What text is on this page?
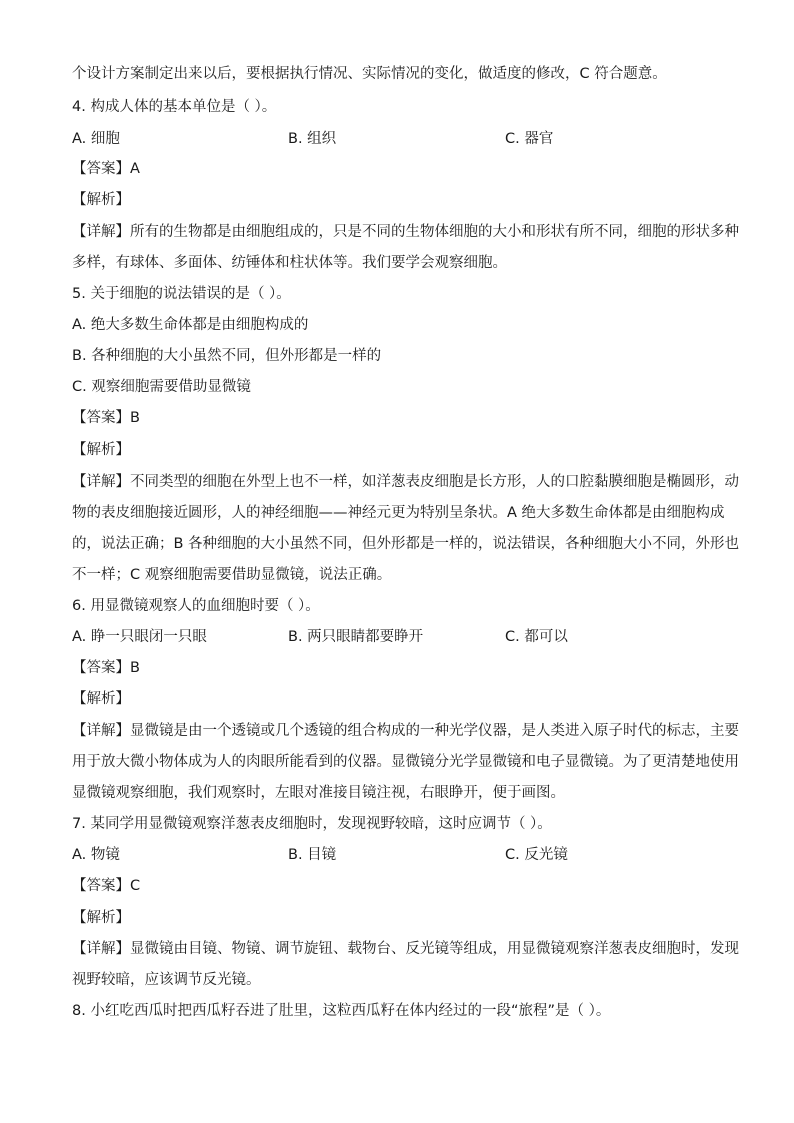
个设计方案制定出来以后，要根据执行情况、实际情况的变化，做适度的修改，C 符合题意。
4. 构成人体的基本单位是（ ）。
A. 细胞	B. 组织	C. 器官
【答案】A
【解析】
【详解】所有的生物都是由细胞组成的，只是不同的生物体细胞的大小和形状有所不同，细胞的形状多种
多样，有球体、多面体、纺锤体和柱状体等。我们要学会观察细胞。
5. 关于细胞的说法错误的是（ ）。
A. 绝大多数生命体都是由细胞构成的
B. 各种细胞的大小虽然不同，但外形都是一样的
C. 观察细胞需要借助显微镜
【答案】B
【解析】
【详解】不同类型的细胞在外型上也不一样，如洋葱表皮细胞是长方形，人的口腔黏膜细胞是椭圆形，动
物的表皮细胞接近圆形，人的神经细胞——神经元更为特别呈条状。A 绝大多数生命体都是由细胞构成
的，说法正确；B 各种细胞的大小虽然不同，但外形都是一样的，说法错误，各种细胞大小不同，外形也
不一样；C 观察细胞需要借助显微镜，说法正确。
6. 用显微镜观察人的血细胞时要（ ）。
A. 睁一只眼闭一只眼	B. 两只眼睛都要睁开	C. 都可以
【答案】B
【解析】
【详解】显微镜是由一个透镜或几个透镜的组合构成的一种光学仪器，是人类进入原子时代的标志，主要
用于放大微小物体成为人的肉眼所能看到的仪器。显微镜分光学显微镜和电子显微镜。为了更清楚地使用
显微镜观察细胞，我们观察时，左眼对准接目镜注视，右眼睁开，便于画图。
7. 某同学用显微镜观察洋葱表皮细胞时，发现视野较暗，这时应调节（ ）。
A. 物镜	B. 目镜	C. 反光镜
【答案】C
【解析】
【详解】显微镜由目镜、物镜、调节旋钮、载物台、反光镜等组成，用显微镜观察洋葱表皮细胞时，发现
视野较暗，应该调节反光镜。
8. 小红吃西瓜时把西瓜籽吞进了肚里，这粒西瓜籽在体内经过的一段“旅程”是（ ）。
